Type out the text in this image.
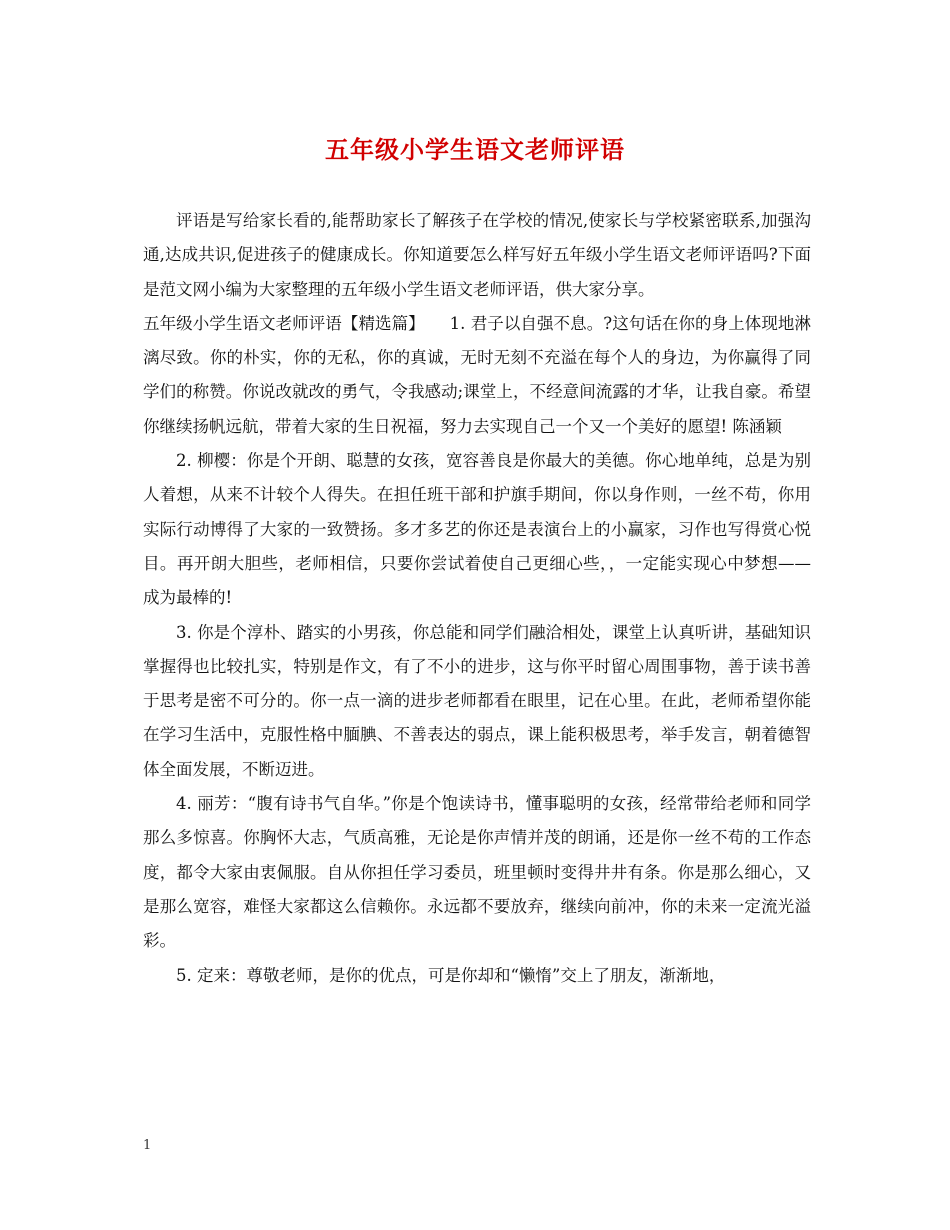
五年级小学生语文老师评语

评语是写给家长看的,能帮助家长了解孩子在学校的情况,使家长与学校紧密联系,加强沟通,达成共识,促进孩子的健康成长。你知道要怎么样写好五年级小学生语文老师评语吗?下面是范文网小编为大家整理的五年级小学生语文老师评语，供大家分享。

五年级小学生语文老师评语【精选篇】　　1. 君子以自强不息。?这句话在你的身上体现地淋漓尽致。你的朴实，你的无私，你的真诚，无时无刻不充溢在每个人的身边，为你赢得了同学们的称赞。你说改就改的勇气，令我感动;课堂上，不经意间流露的才华，让我自豪。希望你继续扬帆远航，带着大家的生日祝福，努力去实现自己一个又一个美好的愿望! 陈涵颖

2. 柳樱：你是个开朗、聪慧的女孩，宽容善良是你最大的美德。你心地单纯，总是为别人着想，从来不计较个人得失。在担任班干部和护旗手期间，你以身作则，一丝不苟，你用实际行动博得了大家的一致赞扬。多才多艺的你还是表演台上的小赢家，习作也写得赏心悦目。再开朗大胆些，老师相信，只要你尝试着使自己更细心些，，一定能实现心中梦想——成为最棒的!

3. 你是个淳朴、踏实的小男孩，你总能和同学们融洽相处，课堂上认真听讲，基础知识掌握得也比较扎实，特别是作文，有了不小的进步，这与你平时留心周围事物，善于读书善于思考是密不可分的。你一点一滴的进步老师都看在眼里，记在心里。在此，老师希望你能在学习生活中，克服性格中腼腆、不善表达的弱点，课上能积极思考，举手发言，朝着德智体全面发展，不断迈进。

4. 丽芳：“腹有诗书气自华。”你是个饱读诗书，懂事聪明的女孩，经常带给老师和同学那么多惊喜。你胸怀大志，气质高雅，无论是你声情并茂的朗诵，还是你一丝不苟的工作态度，都令大家由衷佩服。自从你担任学习委员，班里顿时变得井井有条。你是那么细心，又是那么宽容，难怪大家都这么信赖你。永远都不要放弃，继续向前冲，你的未来一定流光溢彩。

5. 定来：尊敬老师，是你的优点，可是你却和“懒惰”交上了朋友，渐渐地，

1
